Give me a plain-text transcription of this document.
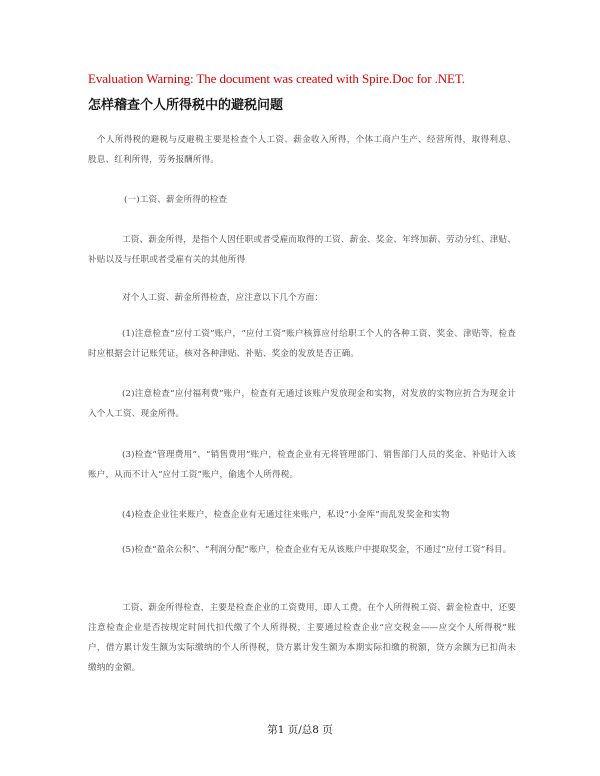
Evaluation Warning: The document was created with Spire.Doc for .NET.
怎样稽查个人所得税中的避税问题
个人所得税的避税与反避税主要是检查个人工资、薪金收入所得，个体工商户生产、经营所得，取得利息、股息、红利所得，劳务报酬所得。
(一)工资、薪金所得的检查
工资、薪金所得，是指个人因任职或者受雇而取得的工资、薪金、奖金、年终加薪、劳动分红、津贴、补贴以及与任职或者受雇有关的其他所得
对个人工资、薪金所得检查，应注意以下几个方面：
(1)注意检查“应付工资”账户，“应付工资”账户核算应付给职工个人的各种工资、奖金、津贴等，检查时应根据会计记账凭证，核对各种津贴、补贴、奖金的发放是否正确。
(2)注意检查“应付福利费”账户，检查有无通过该账户发放现金和实物，对发放的实物应折合为现金计入个人工资、现金所得。
(3)检查“管理费用”、“销售费用”账户，检查企业有无将管理部门、销售部门人员的奖金、补贴计入该账户，从而不计入“应付工资”账户，偷逃个人所得税。
(4)检查企业往来账户，检查企业有无通过往来账户，私设“小金库”而乱发奖金和实物
(5)检查“盈余公积”、“利润分配”账户，检查企业有无从该账户中提取奖金，不通过“应付工资”科目。
工资、薪金所得检查，主要是检查企业的工资费用，即人工费。在个人所得税工资、薪金检查中，还要注意检查企业是否按规定时间代扣代缴了个人所得税，主要通过检查企业“应交税金——应交个人所得税”账户，借方累计发生额为实际缴纳的个人所得税，贷方累计发生额为本期实际扣缴的税额，贷方余额为已扣尚未缴纳的金额。
第1 页/总8 页
